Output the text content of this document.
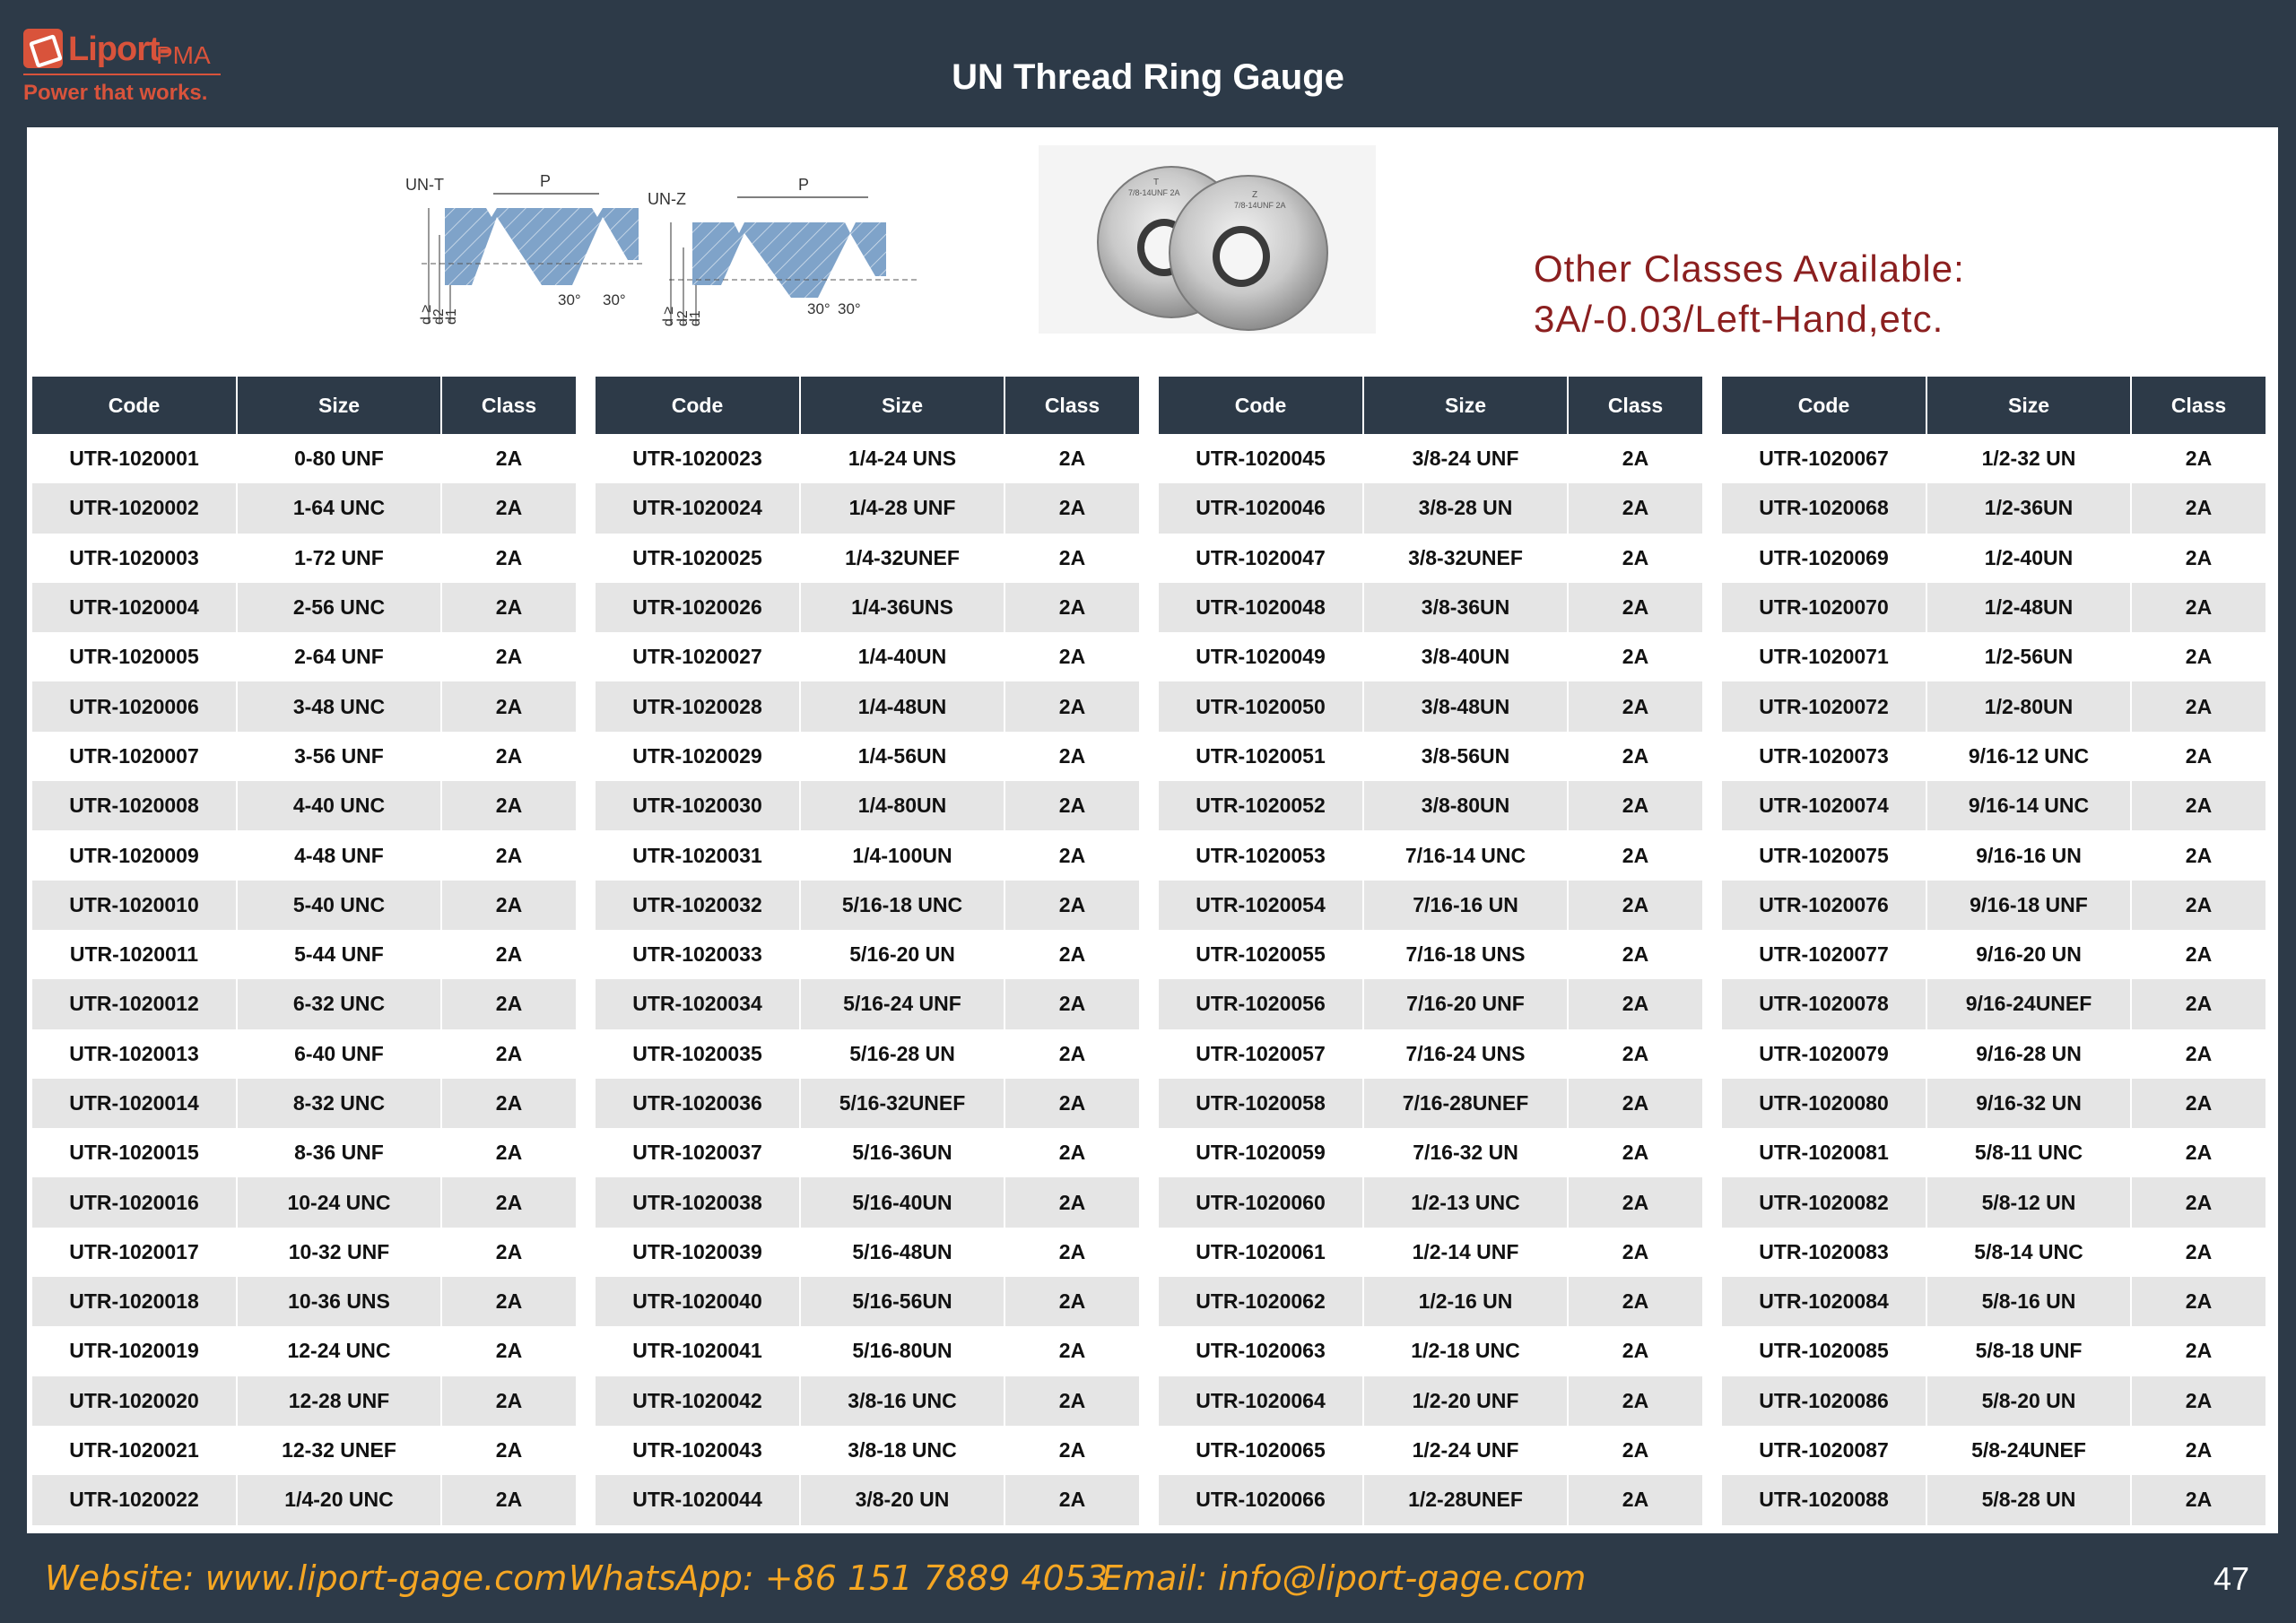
Liport-
PMA
Power that works.	UN Thread Ring Gauge
UN-T	P
d ≥
d2
d1
30° 30°
UN-Z
P
d ≥ d2
d1
30° 30°
T
7/8-14UNF 2A	Z
7/8-14UNF 2A
Other Classes Available:
3A/-0.03/Left-Hand,etc.
Code	Size	Class
UTR-1020001	0-80 UNF	2A
UTR-1020002	1-64 UNC	2A
UTR-1020003	1-72 UNF	2A
UTR-1020004	2-56 UNC	2A
UTR-1020005	2-64 UNF	2A
UTR-1020006	3-48 UNC	2A
UTR-1020007	3-56 UNF	2A
UTR-1020008	4-40 UNC	2A
UTR-1020009	4-48 UNF	2A
UTR-1020010	5-40 UNC	2A
UTR-1020011	5-44 UNF	2A
UTR-1020012	6-32 UNC	2A
UTR-1020013	6-40 UNF	2A
UTR-1020014	8-32 UNC	2A
UTR-1020015	8-36 UNF	2A
UTR-1020016	10-24 UNC	2A
UTR-1020017	10-32 UNF	2A
UTR-1020018	10-36 UNS	2A
UTR-1020019	12-24 UNC	2A
UTR-1020020	12-28 UNF	2A
UTR-1020021	12-32 UNEF	2A
UTR-1020022	1/4-20 UNC	2A
Code	Size	Class
UTR-1020023	1/4-24 UNS	2A
UTR-1020024	1/4-28 UNF	2A
UTR-1020025	1/4-32UNEF	2A
UTR-1020026	1/4-36UNS	2A
UTR-1020027	1/4-40UN	2A
UTR-1020028	1/4-48UN	2A
UTR-1020029	1/4-56UN	2A
UTR-1020030	1/4-80UN	2A
UTR-1020031	1/4-100UN	2A
UTR-1020032	5/16-18 UNC	2A
UTR-1020033	5/16-20 UN	2A
UTR-1020034	5/16-24 UNF	2A
UTR-1020035	5/16-28 UN	2A
UTR-1020036	5/16-32UNEF	2A
UTR-1020037	5/16-36UN	2A
UTR-1020038	5/16-40UN	2A
UTR-1020039	5/16-48UN	2A
UTR-1020040	5/16-56UN	2A
UTR-1020041	5/16-80UN	2A
UTR-1020042	3/8-16 UNC	2A
UTR-1020043	3/8-18 UNC	2A
UTR-1020044	3/8-20 UN	2A
Code	Size	Class
UTR-1020045	3/8-24 UNF	2A
UTR-1020046	3/8-28 UN	2A
UTR-1020047	3/8-32UNEF	2A
UTR-1020048	3/8-36UN	2A
UTR-1020049	3/8-40UN	2A
UTR-1020050	3/8-48UN	2A
UTR-1020051	3/8-56UN	2A
UTR-1020052	3/8-80UN	2A
UTR-1020053	7/16-14 UNC	2A
UTR-1020054	7/16-16 UN	2A
UTR-1020055	7/16-18 UNS	2A
UTR-1020056	7/16-20 UNF	2A
UTR-1020057	7/16-24 UNS	2A
UTR-1020058	7/16-28UNEF	2A
UTR-1020059	7/16-32 UN	2A
UTR-1020060	1/2-13 UNC	2A
UTR-1020061	1/2-14 UNF	2A
UTR-1020062	1/2-16 UN	2A
UTR-1020063	1/2-18 UNC	2A
UTR-1020064	1/2-20 UNF	2A
UTR-1020065	1/2-24 UNF	2A
UTR-1020066	1/2-28UNEF	2A
Code	Size	Class
UTR-1020067	1/2-32 UN	2A
UTR-1020068	1/2-36UN	2A
UTR-1020069	1/2-40UN	2A
UTR-1020070	1/2-48UN	2A
UTR-1020071	1/2-56UN	2A
UTR-1020072	1/2-80UN	2A
UTR-1020073	9/16-12 UNC	2A
UTR-1020074	9/16-14 UNC	2A
UTR-1020075	9/16-16 UN	2A
UTR-1020076	9/16-18 UNF	2A
UTR-1020077	9/16-20 UN	2A
UTR-1020078	9/16-24UNEF	2A
UTR-1020079	9/16-28 UN	2A
UTR-1020080	9/16-32 UN	2A
UTR-1020081	5/8-11 UNC	2A
UTR-1020082	5/8-12 UN	2A
UTR-1020083	5/8-14 UNC	2A
UTR-1020084	5/8-16 UN	2A
UTR-1020085	5/8-18 UNF	2A
UTR-1020086	5/8-20 UN	2A
UTR-1020087	5/8-24UNEF	2A
UTR-1020088	5/8-28 UN	2A
Website: www.liport-gage.com WhatsApp: +86 151 7889 4053
Email: info@liport-gage.com	47
